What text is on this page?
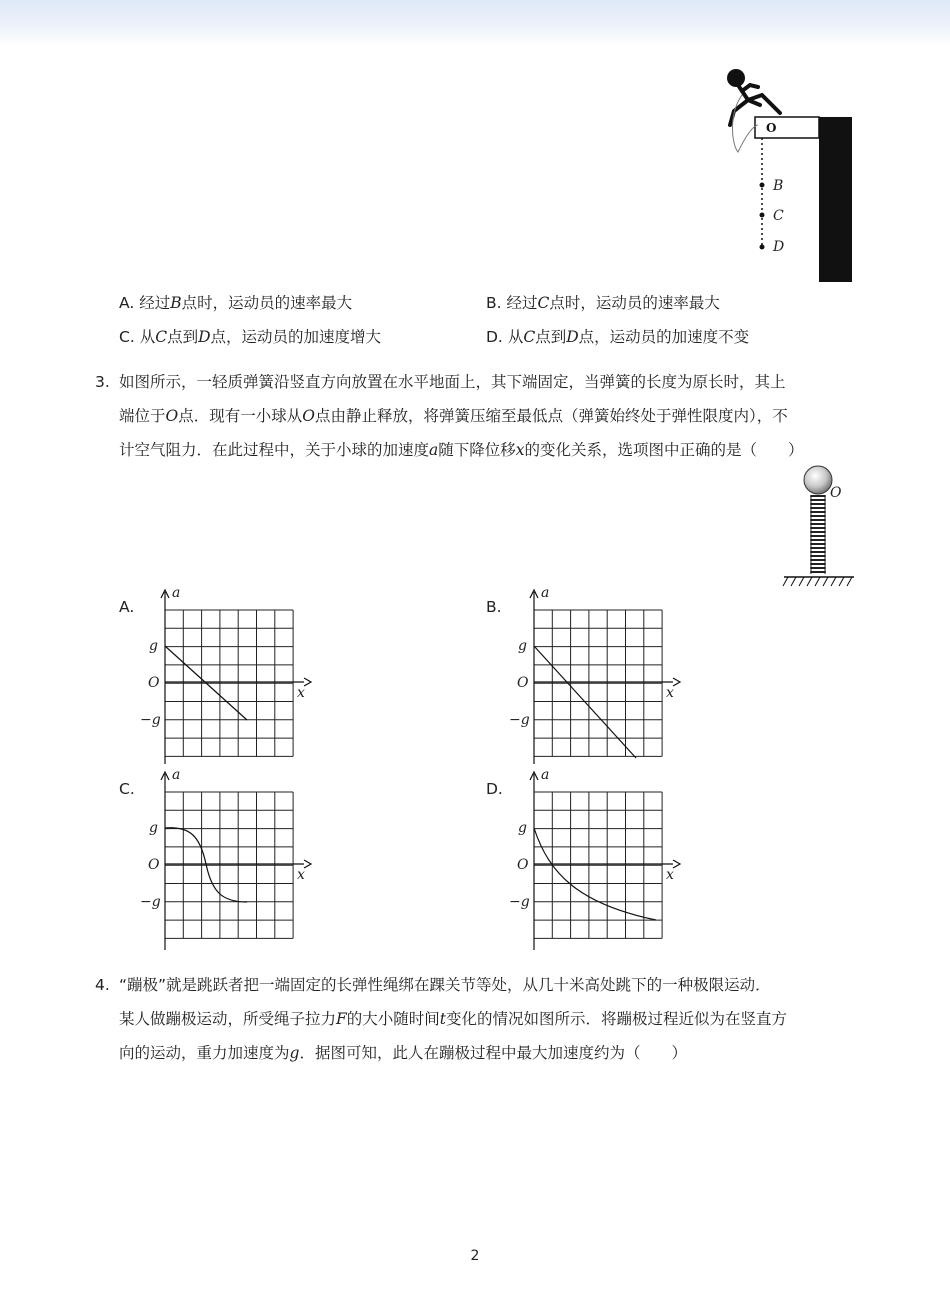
O
B
C
D
A. 经过B点时，运动员的速率最大	B. 经过C点时，运动员的速率最大
C. 从C点到D点，运动员的加速度增大	D. 从C点到D点，运动员的加速度不变
3. 如图所示，一轻质弹簧沿竖直方向放置在水平地面上，其下端固定，当弹簧的长度为原长时，其上
端位于O点．现有一小球从O点由静止释放，将弹簧压缩至最低点（弹簧始终处于弹性限度内），不
计空气阻力．在此过程中，关于小球的加速度a随下降位移x的变化关系，选项图中正确的是（　　）
O
A.	B.
C.	D.
a
x
g
O
−g
a
x
g
O
−g
a
x
g
O
−g
a
x
g
O
−g
4. “蹦极”就是跳跃者把一端固定的长弹性绳绑在踝关节等处，从几十米高处跳下的一种极限运动．
某人做蹦极运动，所受绳子拉力F的大小随时间t变化的情况如图所示．将蹦极过程近似为在竖直方
向的运动，重力加速度为g．据图可知，此人在蹦极过程中最大加速度约为（　　）
2
